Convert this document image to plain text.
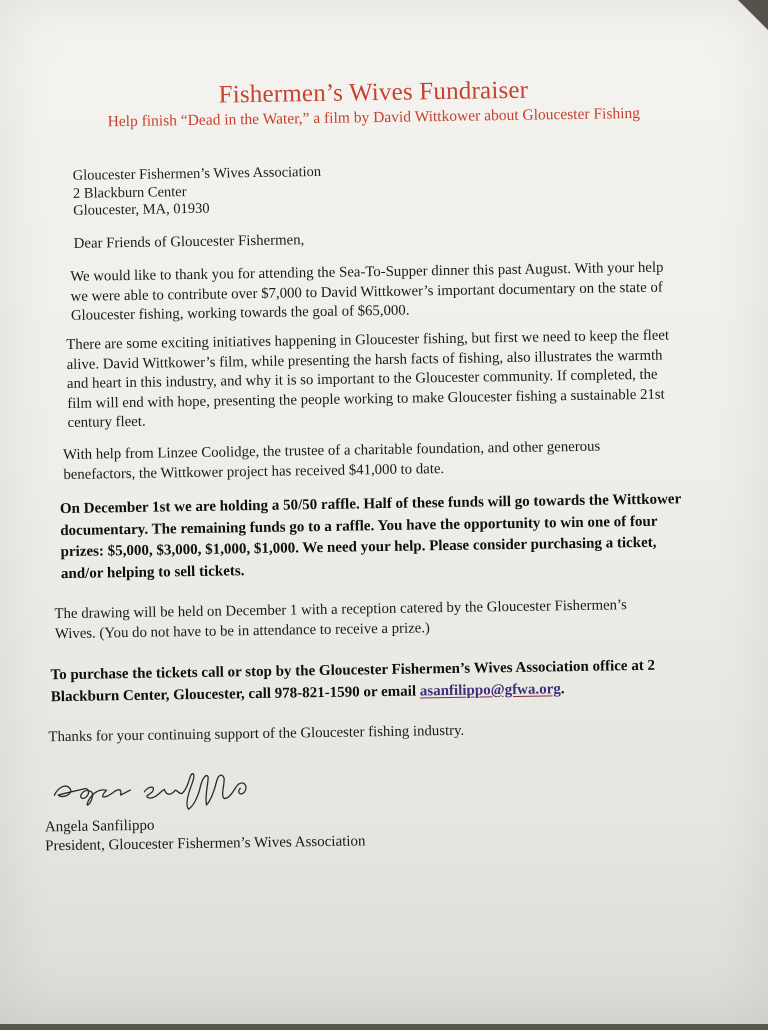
Fishermen’s Wives Fundraiser
Help finish “Dead in the Water,” a film by David Wittkower about Gloucester Fishing
Gloucester Fishermen’s Wives Association
2 Blackburn Center
Gloucester, MA, 01930
Dear Friends of Gloucester Fishermen,
We would like to thank you for attending the Sea-To-Supper dinner this past August. With your help we were able to contribute over $7,000 to David Wittkower’s important documentary on the state of Gloucester fishing, working towards the goal of $65,000.
There are some exciting initiatives happening in Gloucester fishing, but first we need to keep the fleet alive. David Wittkower’s film, while presenting the harsh facts of fishing, also illustrates the warmth and heart in this industry, and why it is so important to the Gloucester community. If completed, the film will end with hope, presenting the people working to make Gloucester fishing a sustainable 21st century fleet.
With help from Linzee Coolidge, the trustee of a charitable foundation, and other generous benefactors, the Wittkower project has received $41,000 to date.
On December 1st we are holding a 50/50 raffle. Half of these funds will go towards the Wittkower documentary. The remaining funds go to a raffle. You have the opportunity to win one of four prizes: $5,000, $3,000, $1,000, $1,000. We need your help. Please consider purchasing a ticket, and/or helping to sell tickets.
The drawing will be held on December 1 with a reception catered by the Gloucester Fishermen’s Wives. (You do not have to be in attendance to receive a prize.)
To purchase the tickets call or stop by the Gloucester Fishermen’s Wives Association office at 2 Blackburn Center, Gloucester, call 978-821-1590 or email asanfilippo@gfwa.org.
Thanks for your continuing support of the Gloucester fishing industry.
Angela Sanfilippo
President, Gloucester Fishermen’s Wives Association
